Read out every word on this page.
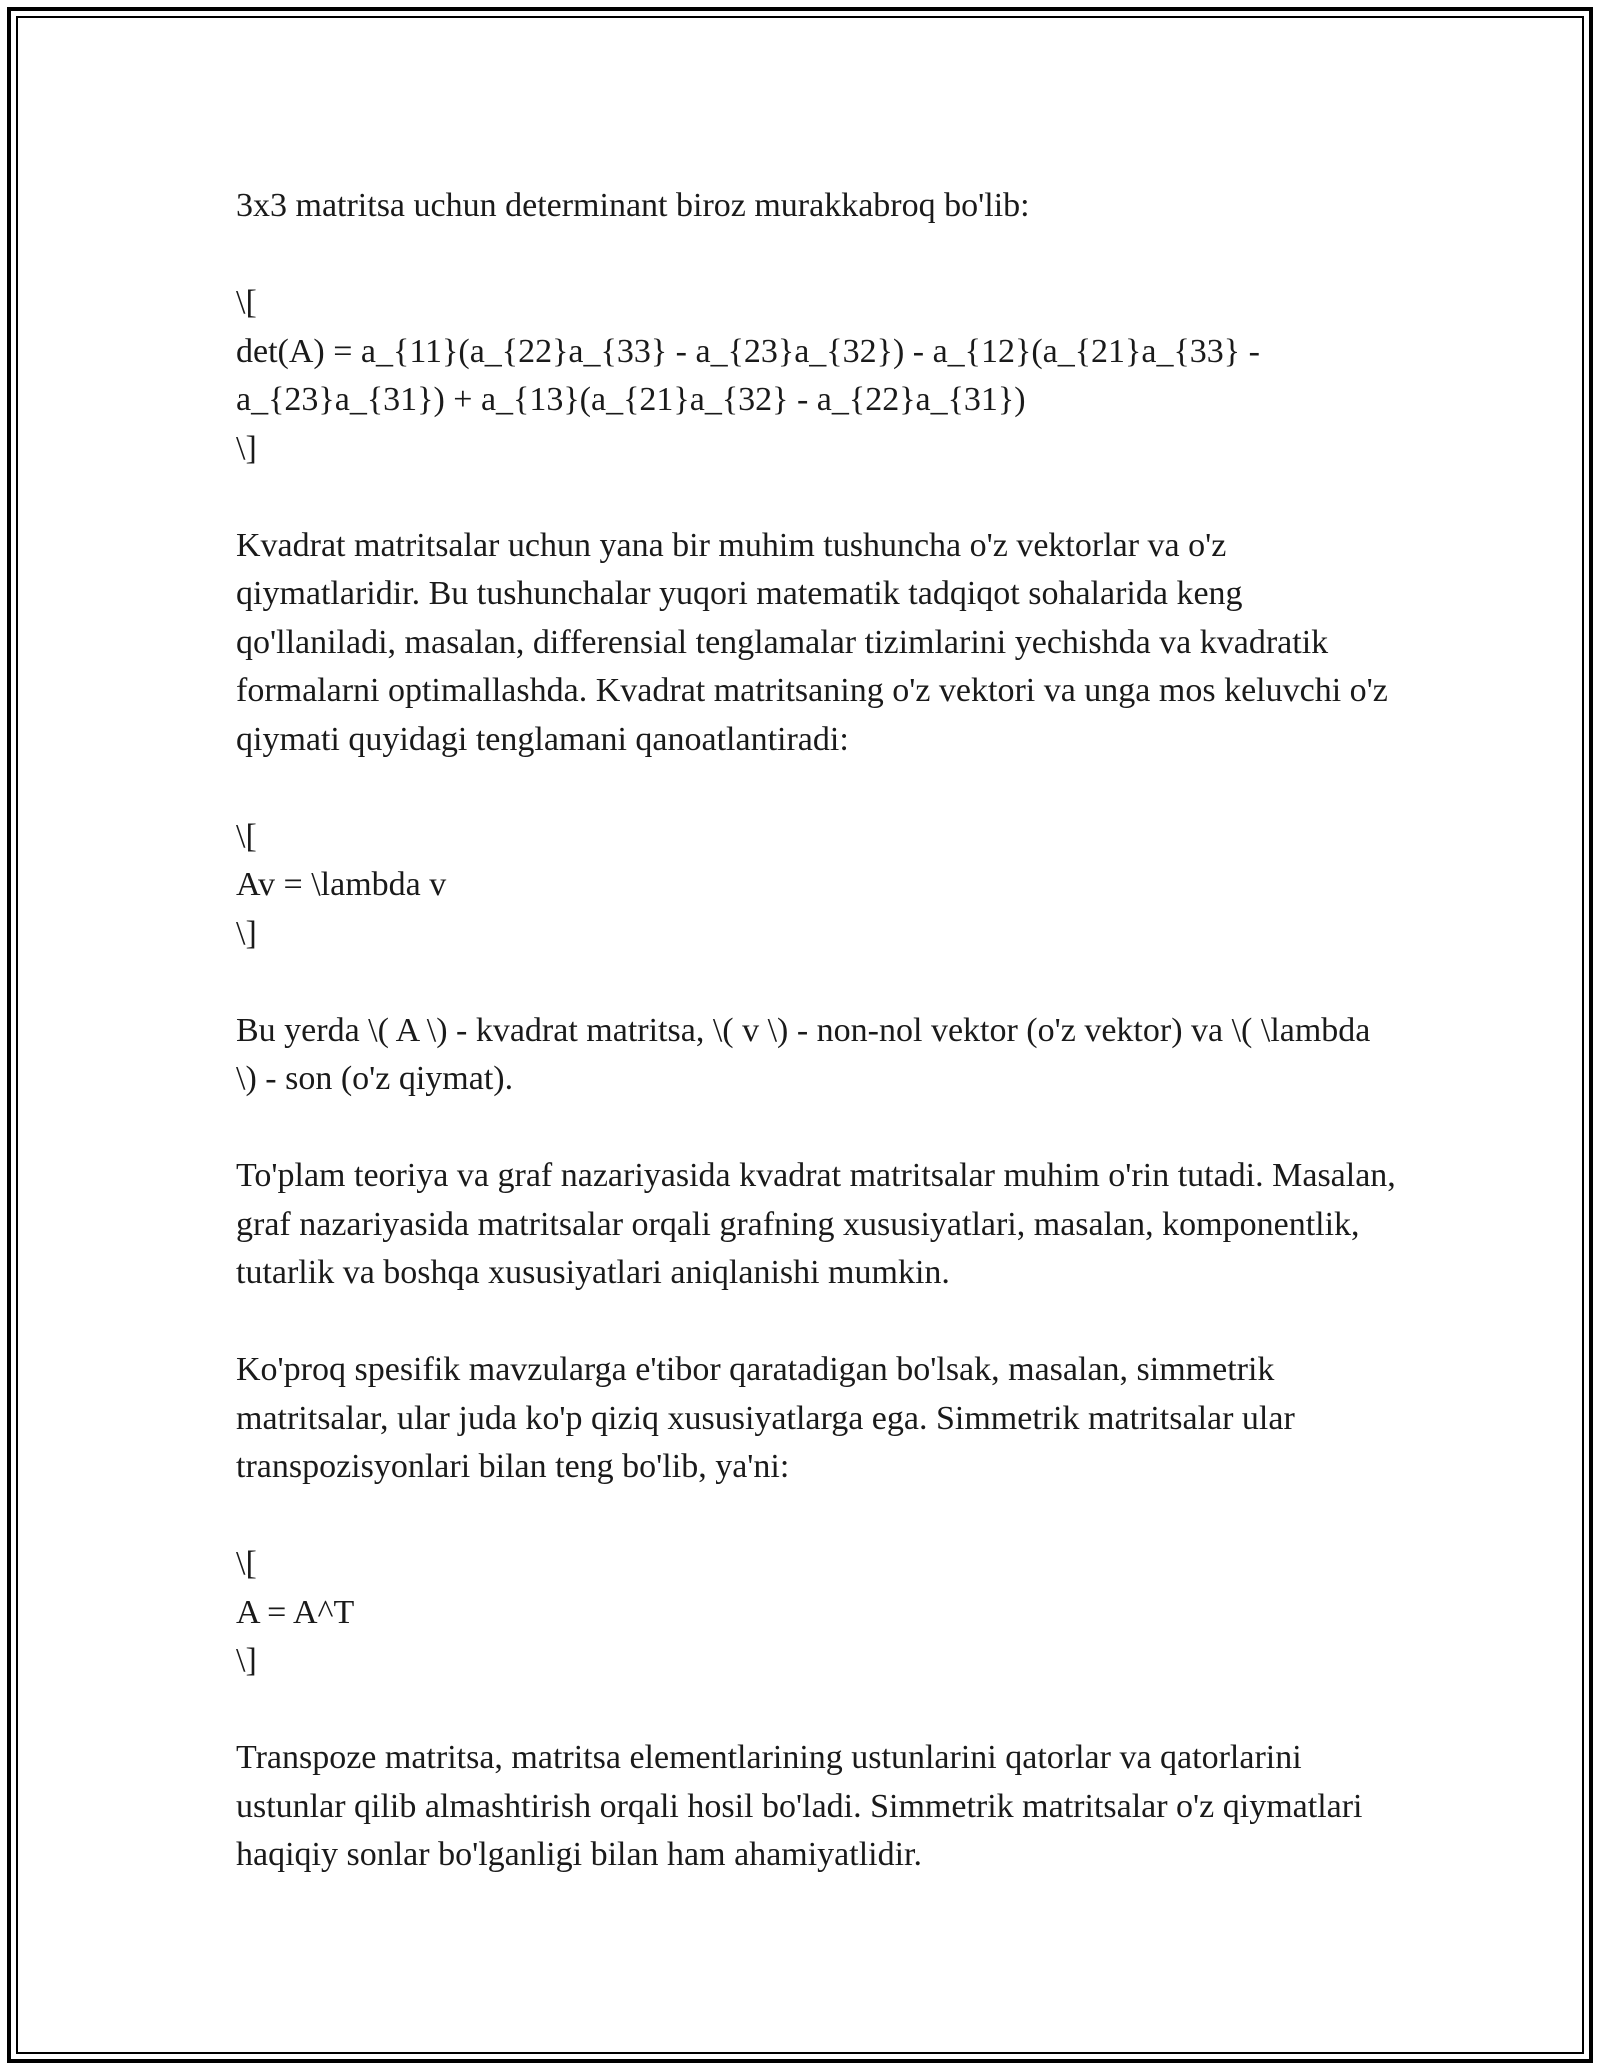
3x3 matritsa uchun determinant biroz murakkabroq bo'lib:
\[
det(A) = a_{11}(a_{22}a_{33} - a_{23}a_{32}) - a_{12}(a_{21}a_{33} - a_{23}a_{31}) + a_{13}(a_{21}a_{32} - a_{22}a_{31})
\]
Kvadrat matritsalar uchun yana bir muhim tushuncha o'z vektorlar va o'z qiymatlaridir. Bu tushunchalar yuqori matematik tadqiqot sohalarida keng qo'llaniladi, masalan, differensial tenglamalar tizimlarini yechishda va kvadratik formalarni optimallashda. Kvadrat matritsaning o'z vektori va unga mos keluvchi o'z qiymati quyidagi tenglamani qanoatlantiradi:
\[
Av = \lambda v
\]
Bu yerda \( A \) - kvadrat matritsa, \( v \) - non-nol vektor (o'z vektor) va \( \lambda \) - son (o'z qiymat).
To'plam teoriya va graf nazariyasida kvadrat matritsalar muhim o'rin tutadi. Masalan, graf nazariyasida matritsalar orqali grafning xususiyatlari, masalan, komponentlik, tutarlik va boshqa xususiyatlari aniqlanishi mumkin.
Ko'proq spesifik mavzularga e'tibor qaratadigan bo'lsak, masalan, simmetrik matritsalar, ular juda ko'p qiziq xususiyatlarga ega. Simmetrik matritsalar ular transpozisyonlari bilan teng bo'lib, ya'ni:
\[
A = A^T
\]
Transpoze matritsa, matritsa elementlarining ustunlarini qatorlar va qatorlarini ustunlar qilib almashtirish orqali hosil bo'ladi. Simmetrik matritsalar o'z qiymatlari haqiqiy sonlar bo'lganligi bilan ham ahamiyatlidir.
